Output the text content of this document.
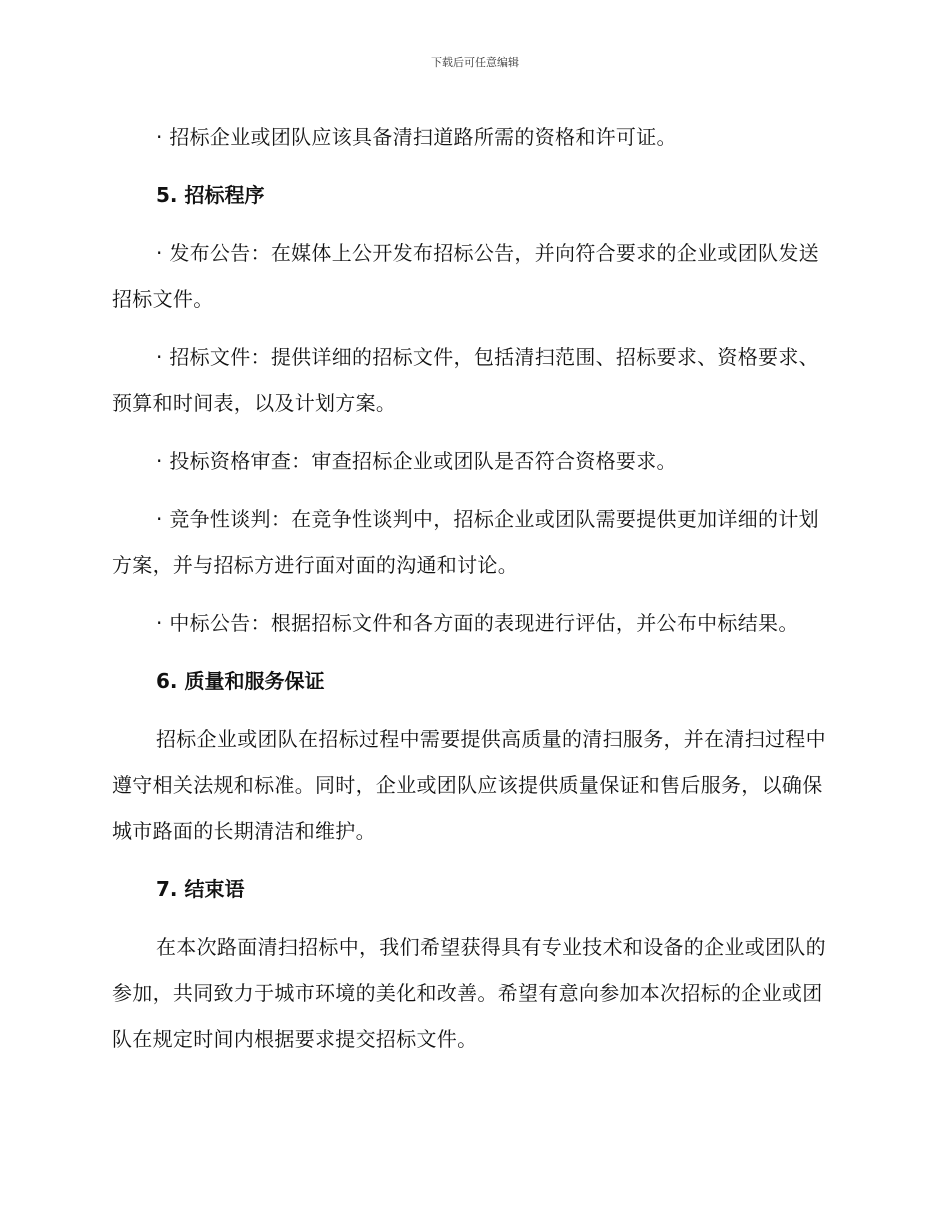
下载后可任意编辑

· 招标企业或团队应该具备清扫道路所需的资格和许可证。

5. 招标程序

· 发布公告：在媒体上公开发布招标公告，并向符合要求的企业或团队发送招标文件。

· 招标文件：提供详细的招标文件，包括清扫范围、招标要求、资格要求、预算和时间表，以及计划方案。

· 投标资格审查：审查招标企业或团队是否符合资格要求。

· 竞争性谈判：在竞争性谈判中，招标企业或团队需要提供更加详细的计划方案，并与招标方进行面对面的沟通和讨论。

· 中标公告：根据招标文件和各方面的表现进行评估，并公布中标结果。

6. 质量和服务保证

招标企业或团队在招标过程中需要提供高质量的清扫服务，并在清扫过程中遵守相关法规和标准。同时，企业或团队应该提供质量保证和售后服务，以确保城市路面的长期清洁和维护。

7. 结束语

在本次路面清扫招标中，我们希望获得具有专业技术和设备的企业或团队的参加，共同致力于城市环境的美化和改善。希望有意向参加本次招标的企业或团队在规定时间内根据要求提交招标文件。
